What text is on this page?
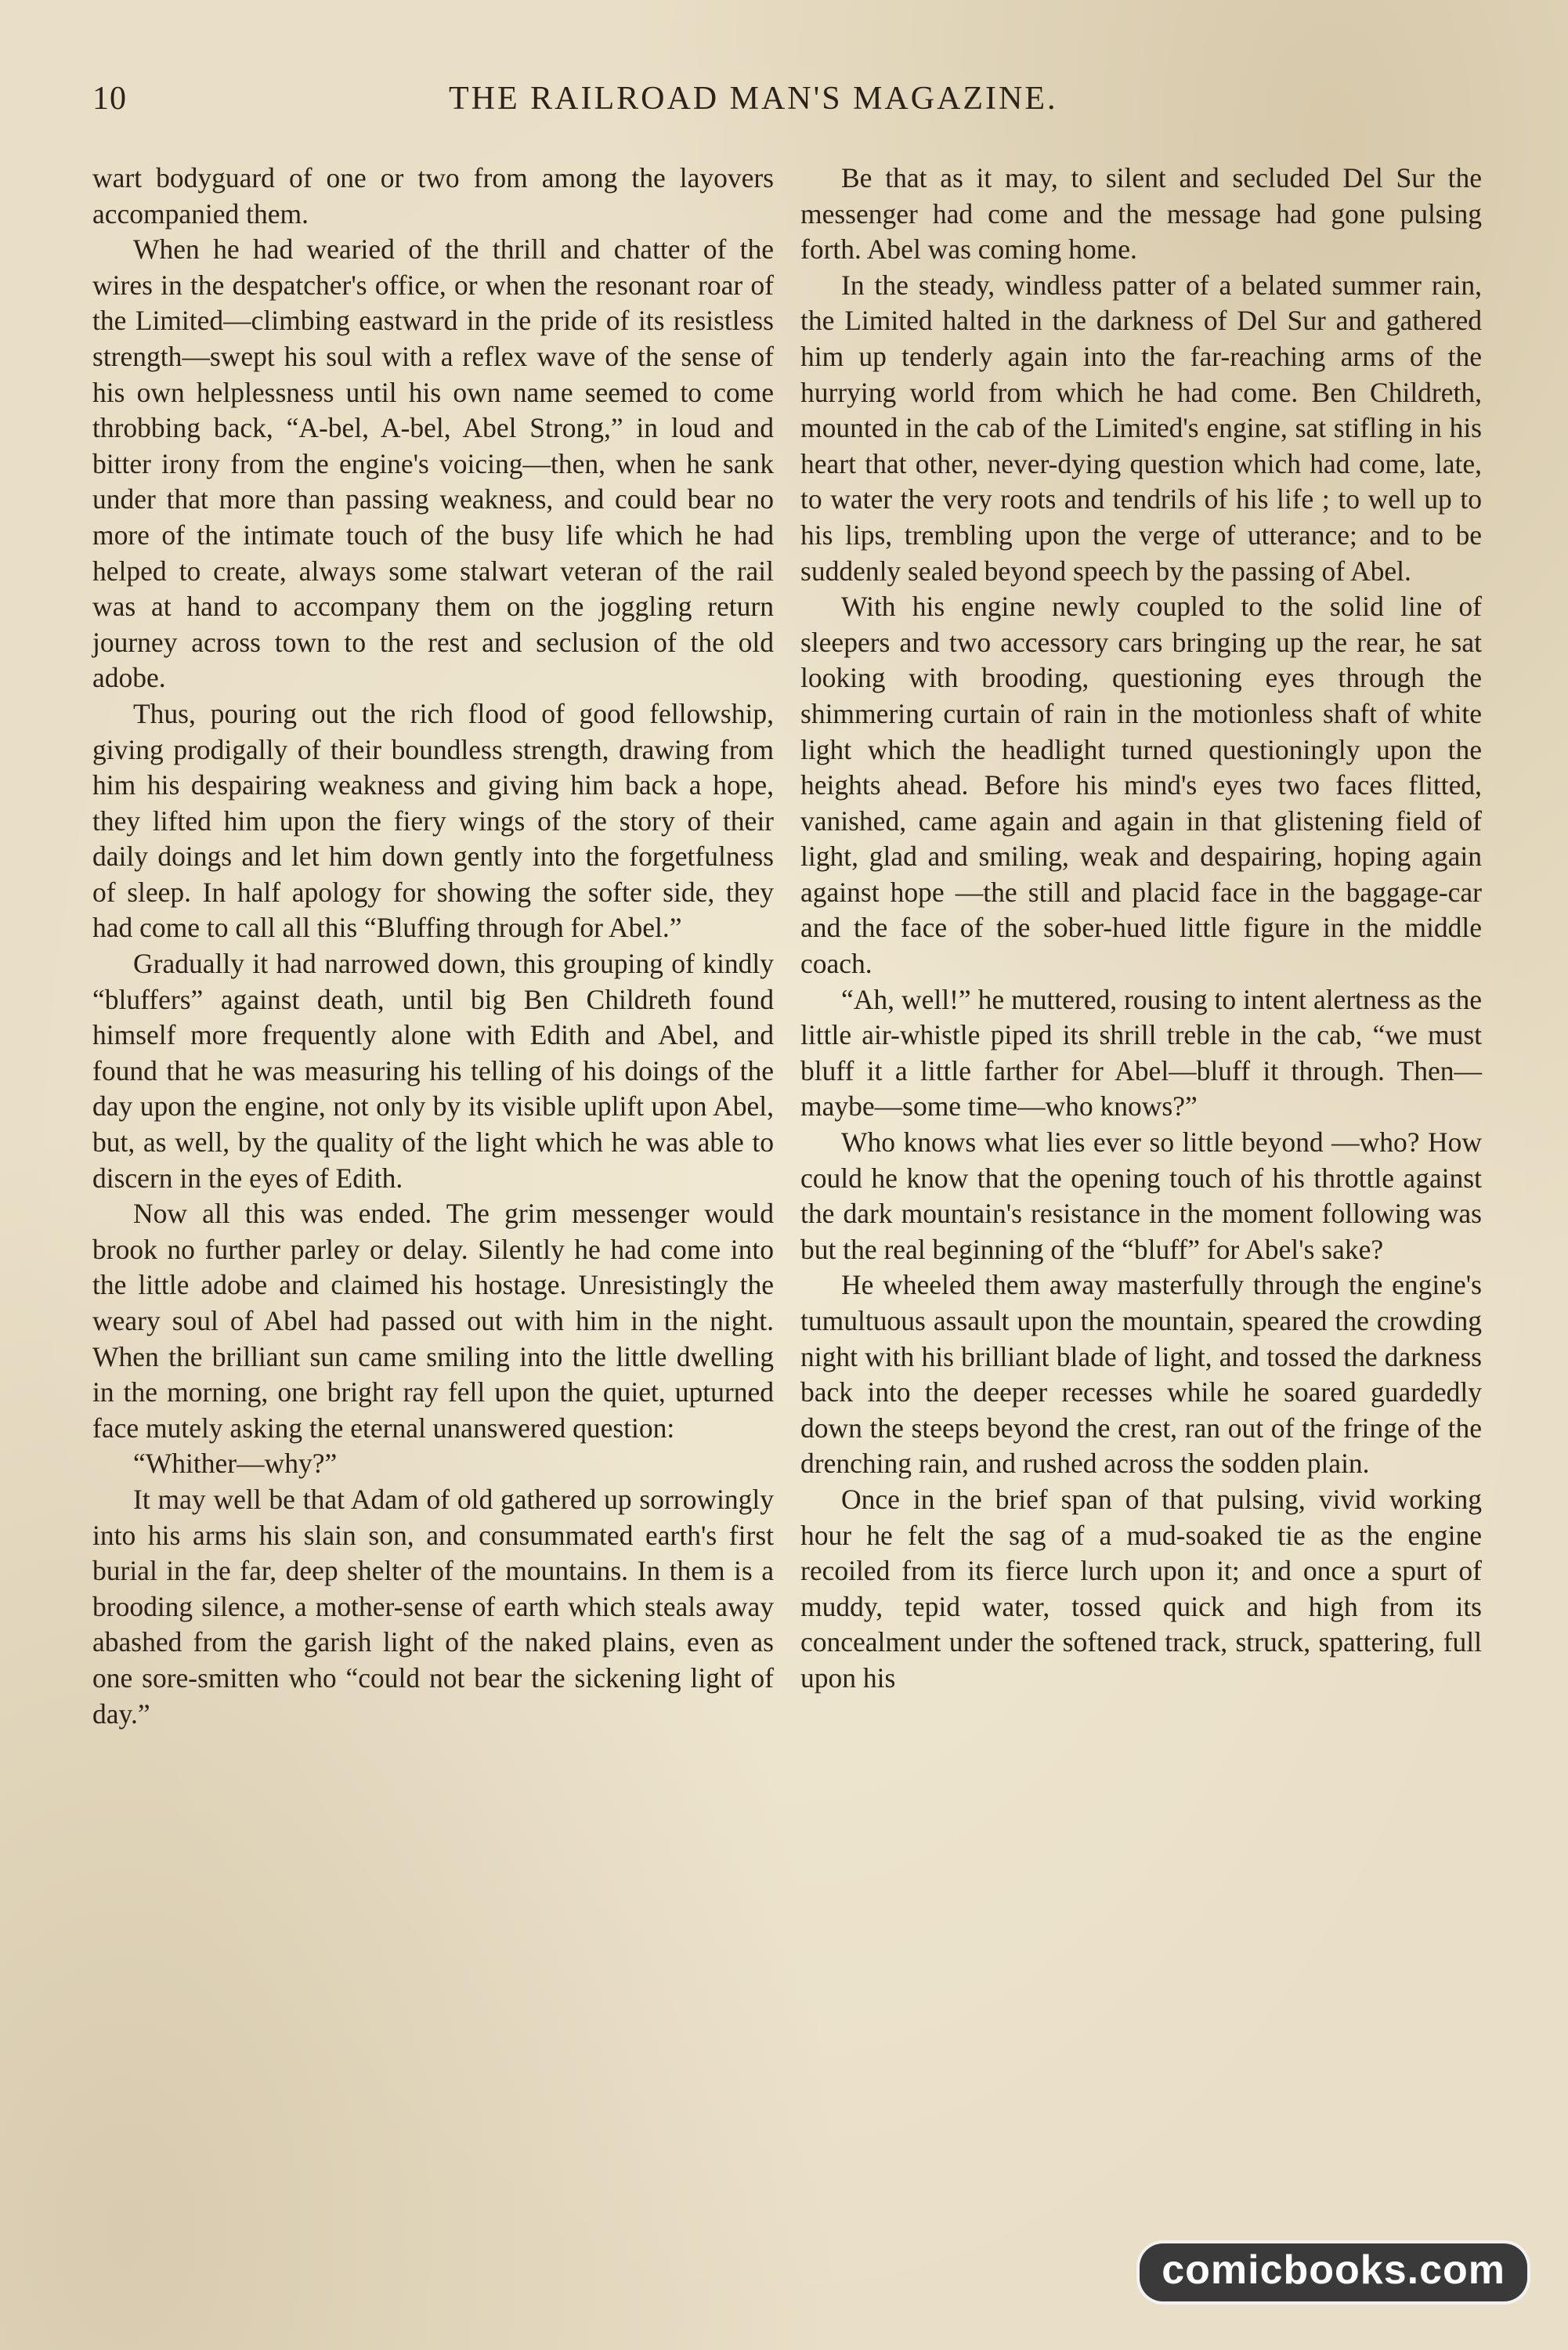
10	THE RAILROAD MAN'S MAGAZINE.

wart bodyguard of one or two from among the layovers accompanied them.

When he had wearied of the thrill and chatter of the wires in the despatcher's office, or when the resonant roar of the Limited—climbing eastward in the pride of its resistless strength—swept his soul with a reflex wave of the sense of his own helplessness until his own name seemed to come throbbing back, “A-bel, A-bel, Abel Strong,” in loud and bitter irony from the engine's voicing—then, when he sank under that more than passing weakness, and could bear no more of the intimate touch of the busy life which he had helped to create, always some stalwart veteran of the rail was at hand to accompany them on the joggling return journey across town to the rest and seclusion of the old adobe.

Thus, pouring out the rich flood of good fellowship, giving prodigally of their boundless strength, drawing from him his despairing weakness and giving him back a hope, they lifted him upon the fiery wings of the story of their daily doings and let him down gently into the forgetfulness of sleep. In half apology for showing the softer side, they had come to call all this “Bluffing through for Abel.”

Gradually it had narrowed down, this grouping of kindly “bluffers” against death, until big Ben Childreth found himself more frequently alone with Edith and Abel, and found that he was measuring his telling of his doings of the day upon the engine, not only by its visible uplift upon Abel, but, as well, by the quality of the light which he was able to discern in the eyes of Edith.

Now all this was ended. The grim messenger would brook no further parley or delay. Silently he had come into the little adobe and claimed his hostage. Unresistingly the weary soul of Abel had passed out with him in the night. When the brilliant sun came smiling into the little dwelling in the morning, one bright ray fell upon the quiet, upturned face mutely asking the eternal unanswered question:

“Whither—why?”

It may well be that Adam of old gathered up sorrowingly into his arms his slain son, and consummated earth's first burial in the far, deep shelter of the mountains. In them is a brooding silence, a mother-sense of earth which steals away abashed from the garish light of the naked plains, even as one sore-smitten who “could not bear the sickening light of day.”

Be that as it may, to silent and secluded Del Sur the messenger had come and the message had gone pulsing forth. Abel was coming home.

In the steady, windless patter of a belated summer rain, the Limited halted in the darkness of Del Sur and gathered him up tenderly again into the far-reaching arms of the hurrying world from which he had come. Ben Childreth, mounted in the cab of the Limited's engine, sat stifling in his heart that other, never-dying question which had come, late, to water the very roots and tendrils of his life ; to well up to his lips, trembling upon the verge of utterance; and to be suddenly sealed beyond speech by the passing of Abel.

With his engine newly coupled to the solid line of sleepers and two accessory cars bringing up the rear, he sat looking with brooding, questioning eyes through the shimmering curtain of rain in the motionless shaft of white light which the headlight turned questioningly upon the heights ahead. Before his mind's eyes two faces flitted, vanished, came again and again in that glistening field of light, glad and smiling, weak and despairing, hoping again against hope —the still and placid face in the baggage-car and the face of the sober-hued little figure in the middle coach.

“Ah, well!” he muttered, rousing to intent alertness as the little air-whistle piped its shrill treble in the cab, “we must bluff it a little farther for Abel—bluff it through. Then—maybe—some time—who knows?”

Who knows what lies ever so little beyond —who? How could he know that the opening touch of his throttle against the dark mountain's resistance in the moment following was but the real beginning of the “bluff” for Abel's sake?

He wheeled them away masterfully through the engine's tumultuous assault upon the mountain, speared the crowding night with his brilliant blade of light, and tossed the darkness back into the deeper recesses while he soared guardedly down the steeps beyond the crest, ran out of the fringe of the drenching rain, and rushed across the sodden plain.

Once in the brief span of that pulsing, vivid working hour he felt the sag of a mud-soaked tie as the engine recoiled from its fierce lurch upon it; and once a spurt of muddy, tepid water, tossed quick and high from its concealment under the softened track, struck, spattering, full upon his

comicbooks.com
